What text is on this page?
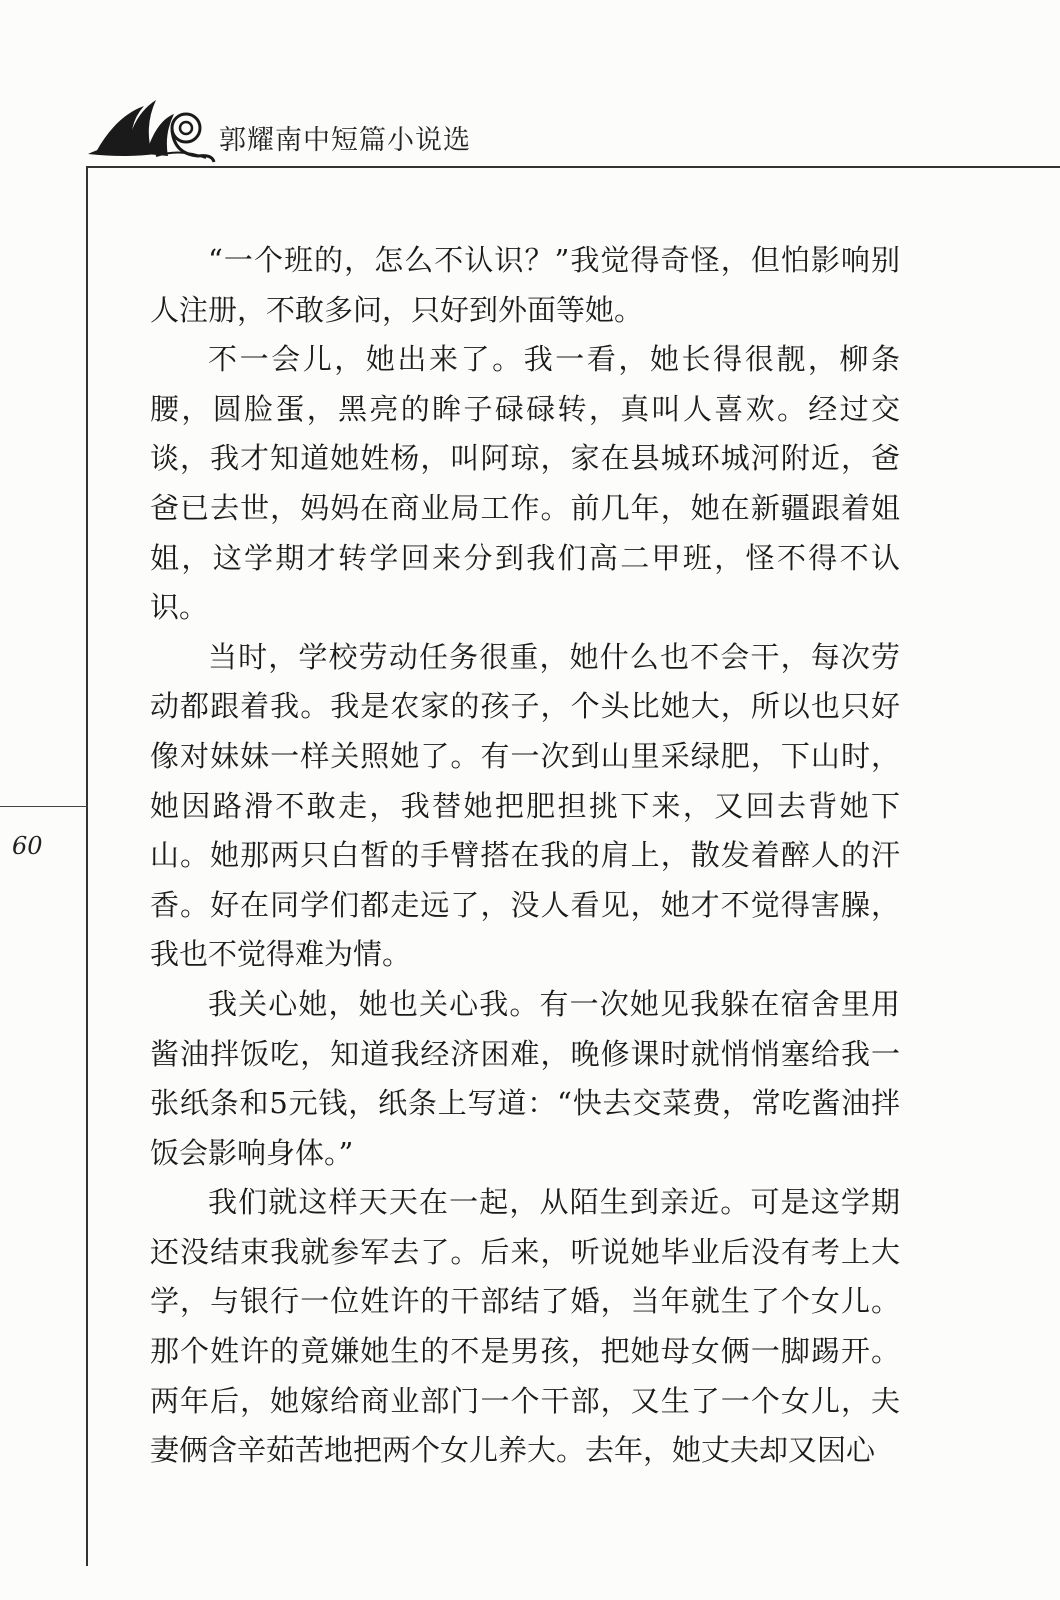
郭耀南中短篇小说选
60

“一个班的，怎么不认识？”我觉得奇怪，但怕影响别人注册，不敢多问，只好到外面等她。

不一会儿，她出来了。我一看，她长得很靓，柳条腰，圆脸蛋，黑亮的眸子碌碌转，真叫人喜欢。经过交谈，我才知道她姓杨，叫阿琼，家在县城环城河附近，爸爸已去世，妈妈在商业局工作。前几年，她在新疆跟着姐姐，这学期才转学回来分到我们高二甲班，怪不得不认识。

当时，学校劳动任务很重，她什么也不会干，每次劳动都跟着我。我是农家的孩子，个头比她大，所以也只好像对妹妹一样关照她了。有一次到山里采绿肥，下山时，她因路滑不敢走，我替她把肥担挑下来，又回去背她下山。她那两只白皙的手臂搭在我的肩上，散发着醉人的汗香。好在同学们都走远了，没人看见，她才不觉得害臊，我也不觉得难为情。

我关心她，她也关心我。有一次她见我躲在宿舍里用酱油拌饭吃，知道我经济困难，晚修课时就悄悄塞给我一张纸条和5元钱，纸条上写道：“快去交菜费，常吃酱油拌饭会影响身体。”

我们就这样天天在一起，从陌生到亲近。可是这学期还没结束我就参军去了。后来，听说她毕业后没有考上大学，与银行一位姓许的干部结了婚，当年就生了个女儿。那个姓许的竟嫌她生的不是男孩，把她母女俩一脚踢开。两年后，她嫁给商业部门一个干部，又生了一个女儿，夫妻俩含辛茹苦地把两个女儿养大。去年，她丈夫却又因心
